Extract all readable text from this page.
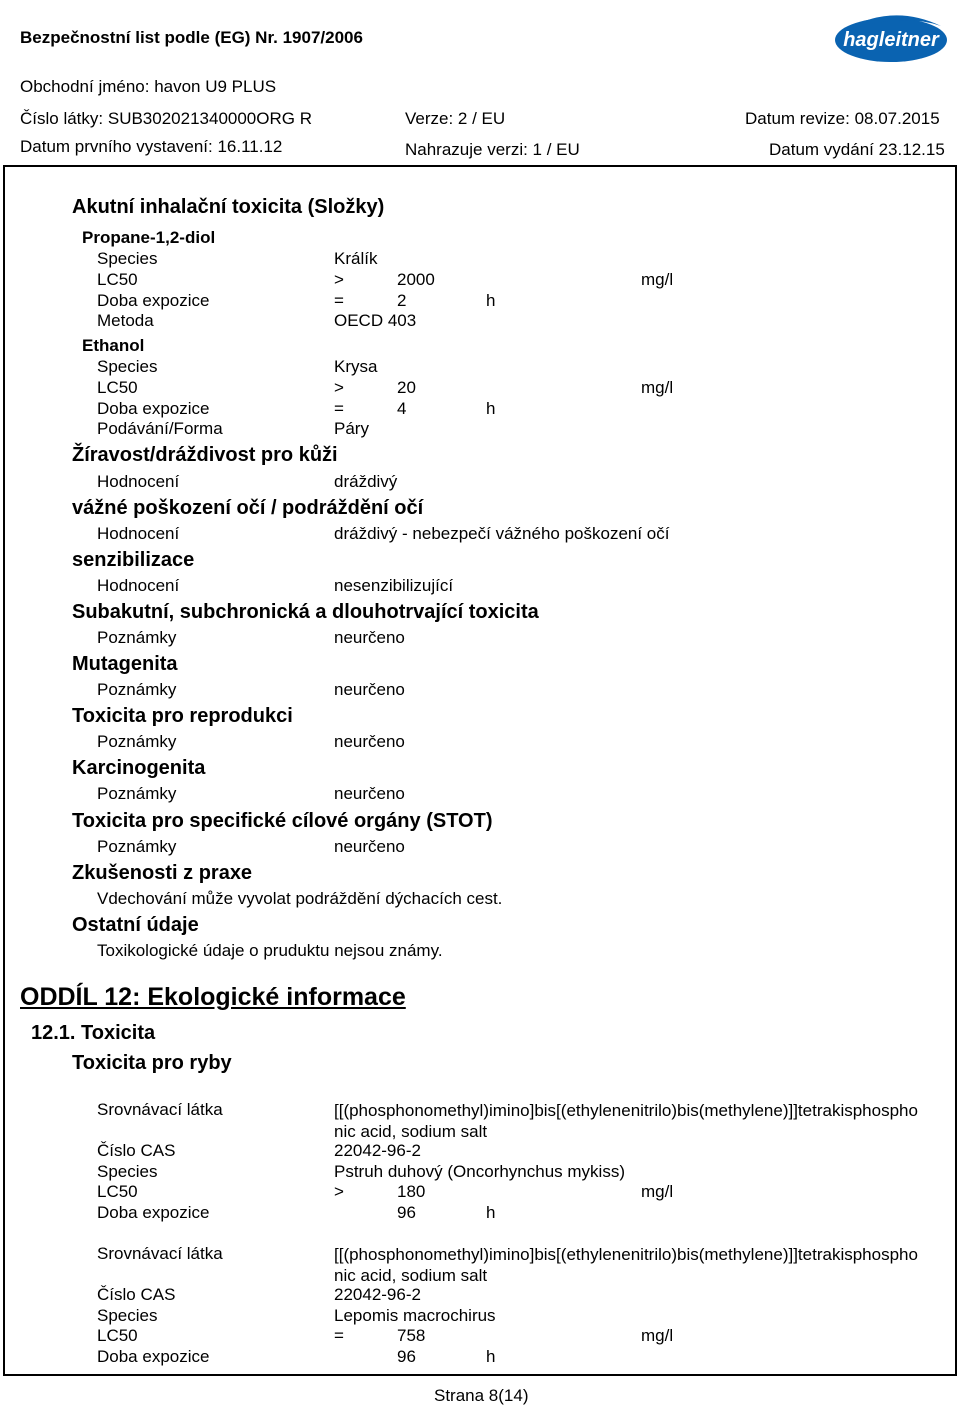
Bezpečnostní list podle (EG) Nr. 1907/2006	hagleitner
Obchodní jméno: havon U9 PLUS
Číslo látky: SUB302021340000ORG R	Verze: 2 / EU	Datum revize: 08.07.2015
Datum prvního vystavení: 16.11.12	Nahrazuje verzi: 1 / EU	Datum vydání 23.12.15
Akutní inhalační toxicita (Složky)
Propane-1,2-diol
Species	Králík
LC50	>	2000	mg/l
Doba expozice	=	2	h
Metoda	OECD 403
Ethanol
Species	Krysa
LC50	>	20	mg/l
Doba expozice	=	4	h
Podávání/Forma	Páry
Žíravost/dráždivost pro kůži
Hodnocení	dráždivý
vážné poškození očí / podráždění očí
Hodnocení	dráždivý - nebezpečí vážného poškození očí
senzibilizace
Hodnocení	nesenzibilizující
Subakutní, subchronická a dlouhotrvající toxicita
Poznámky	neurčeno
Mutagenita
Poznámky	neurčeno
Toxicita pro reprodukci
Poznámky	neurčeno
Karcinogenita
Poznámky	neurčeno
Toxicita pro specifické cílové orgány (STOT)
Poznámky	neurčeno
Zkušenosti z praxe
Vdechování může vyvolat podráždění dýchacích cest.
Ostatní údaje
Toxikologické údaje o pruduktu nejsou známy.
ODDÍL 12: Ekologické informace
12.1. Toxicita
Toxicita pro ryby
Srovnávací látka	[[(phosphonomethyl)imino]bis[(ethylenenitrilo)bis(methylene)]]tetrakisphosphonic acid, sodium salt
Číslo CAS	22042-96-2
Species	Pstruh duhový (Oncorhynchus mykiss)
LC50	>	180	mg/l
Doba expozice	96	h
Srovnávací látka	[[(phosphonomethyl)imino]bis[(ethylenenitrilo)bis(methylene)]]tetrakisphosphonic acid, sodium salt
Číslo CAS	22042-96-2
Species	Lepomis macrochirus
LC50	=	758	mg/l
Doba expozice	96	h
Strana 8(14)
